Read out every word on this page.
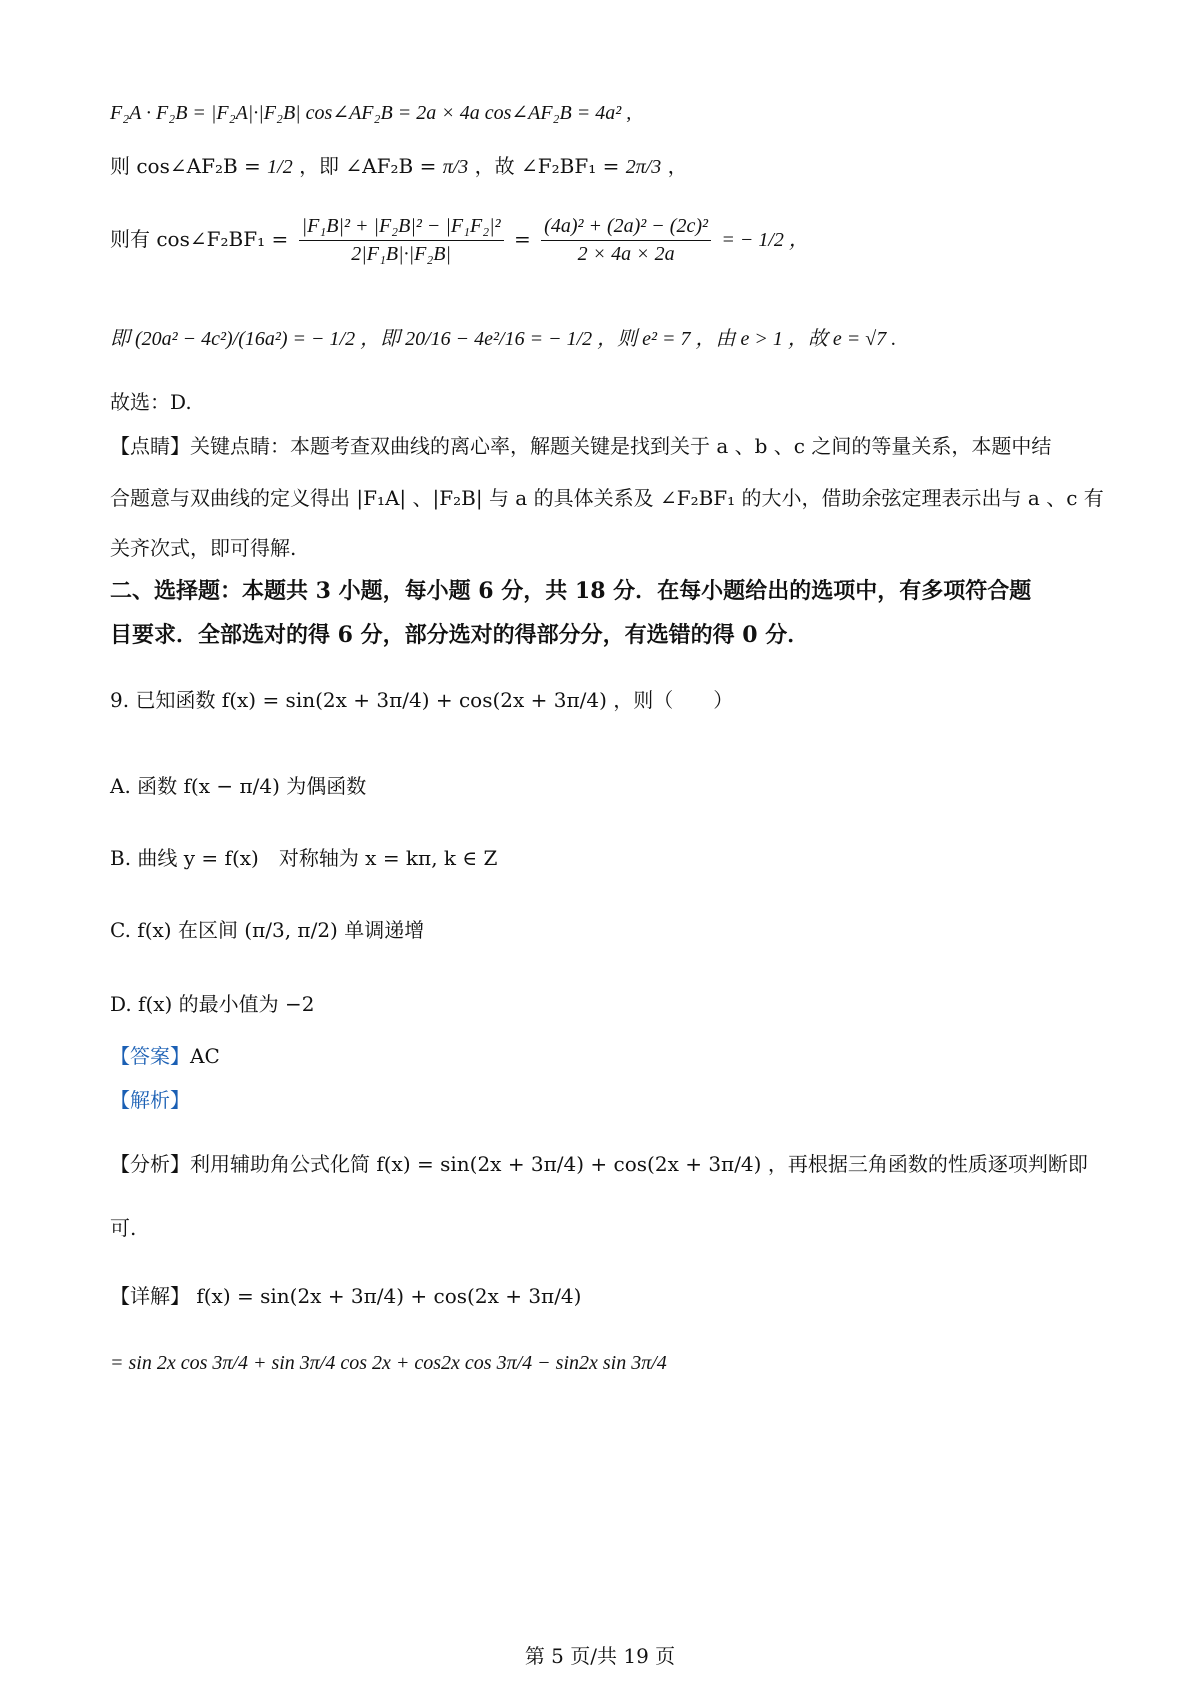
F₂A · F₂B = |F₂A|·|F₂B| cos∠AF₂B = 2a × 4a cos∠AF₂B = 4a² ,
则 cos∠AF₂B = 1/2 ，即 ∠AF₂B = π/3 ，故 ∠F₂BF₁ = 2π/3 ，
则有 cos∠F₂BF₁ = $\frac{\text{|F₁B|² + |F₂B|² − |F₁F₂|²}}{\text{2|F₁B|·|F₂B|}} = \frac{\text{(4a)² + (2a)² − (2c)²}}{2 \times 4a \times 2a}$ = − 1/2 ，
即 (20a² − 4c²)/(16a²) = − 1/2 ，即 20/16 − 4e²/16 = − 1/2 ，则 e² = 7 ，由 e > 1 ，故 e = √7 .
故选：D.
【点睛】关键点睛：本题考查双曲线的离心率，解题关键是找到关于 a 、b 、c 之间的等量关系，本题中结
合题意与双曲线的定义得出 |F₁A| 、|F₂B| 与 a 的具体关系及 ∠F₂BF₁ 的大小，借助余弦定理表示出与 a 、c 有
关齐次式，即可得解.
二、选择题：本题共 3 小题，每小题 6 分，共 18 分．在每小题给出的选项中，有多项符合题
目要求．全部选对的得 6 分，部分选对的得部分分，有选错的得 0 分．
9. 已知函数 f(x) = sin(2x + 3π/4) + cos(2x + 3π/4) ，则（　　）
A. 函数 f(x − π/4) 为偶函数
B. 曲线 y = f(x)　对称轴为 x = kπ, k ∈ Z
C. f(x) 在区间 (π/3, π/2) 单调递增
D. f(x) 的最小值为 −2
【答案】AC
【解析】
【分析】利用辅助角公式化简 f(x) = sin(2x + 3π/4) + cos(2x + 3π/4) ，再根据三角函数的性质逐项判断即
可.
【详解】 f(x) = sin(2x + 3π/4) + cos(2x + 3π/4)
= sin 2x cos 3π/4 + sin 3π/4 cos 2x + cos2x cos 3π/4 − sin2x sin 3π/4
第 5 页/共 19 页
